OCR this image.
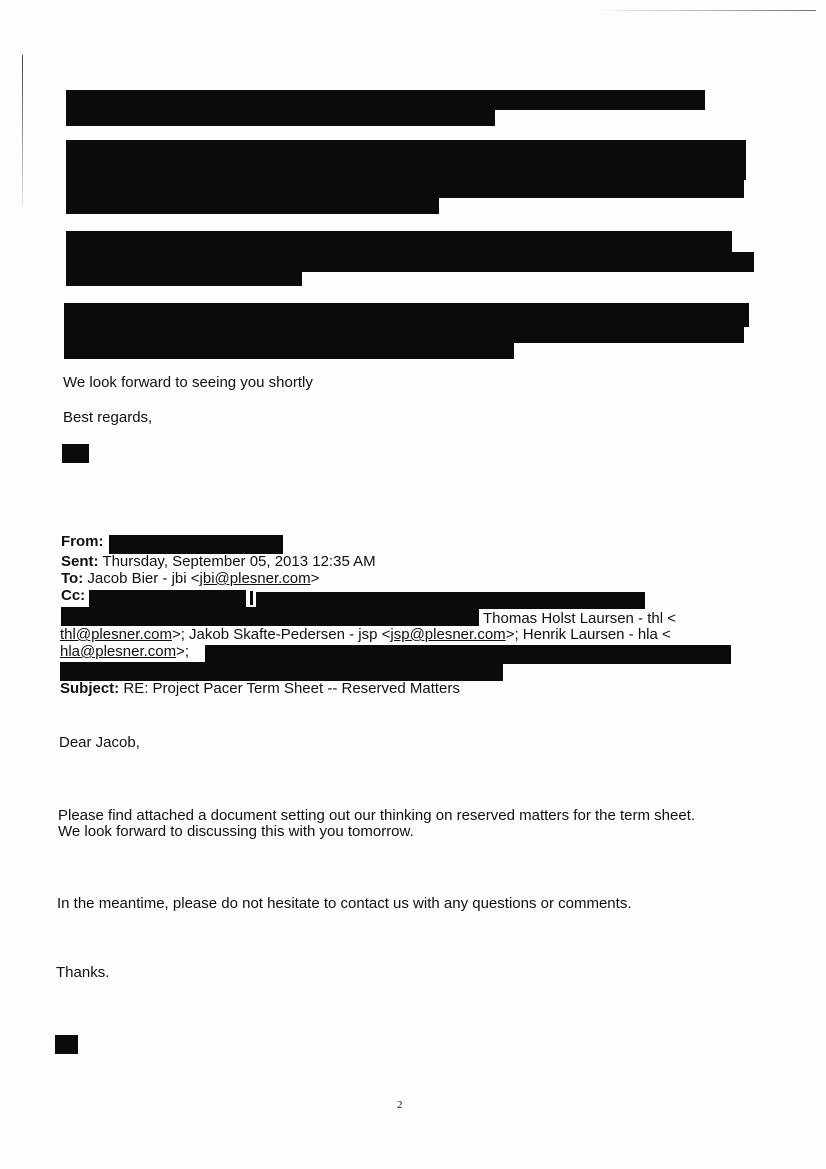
We look forward to seeing you shortly
Best regards,
From:
Sent: Thursday, September 05, 2013 12:35 AM
To: Jacob Bier - jbi <jbi@plesner.com>
Cc:
Thomas Holst Laursen - thl <
thl@plesner.com>; Jakob Skafte-Pedersen - jsp <jsp@plesner.com>; Henrik Laursen - hla <
hla@plesner.com>;
Subject: RE: Project Pacer Term Sheet -- Reserved Matters
Dear Jacob,
Please find attached a document setting out our thinking on reserved matters for the term sheet.
We look forward to discussing this with you tomorrow.
In the meantime, please do not hesitate to contact us with any questions or comments.
Thanks.
2
